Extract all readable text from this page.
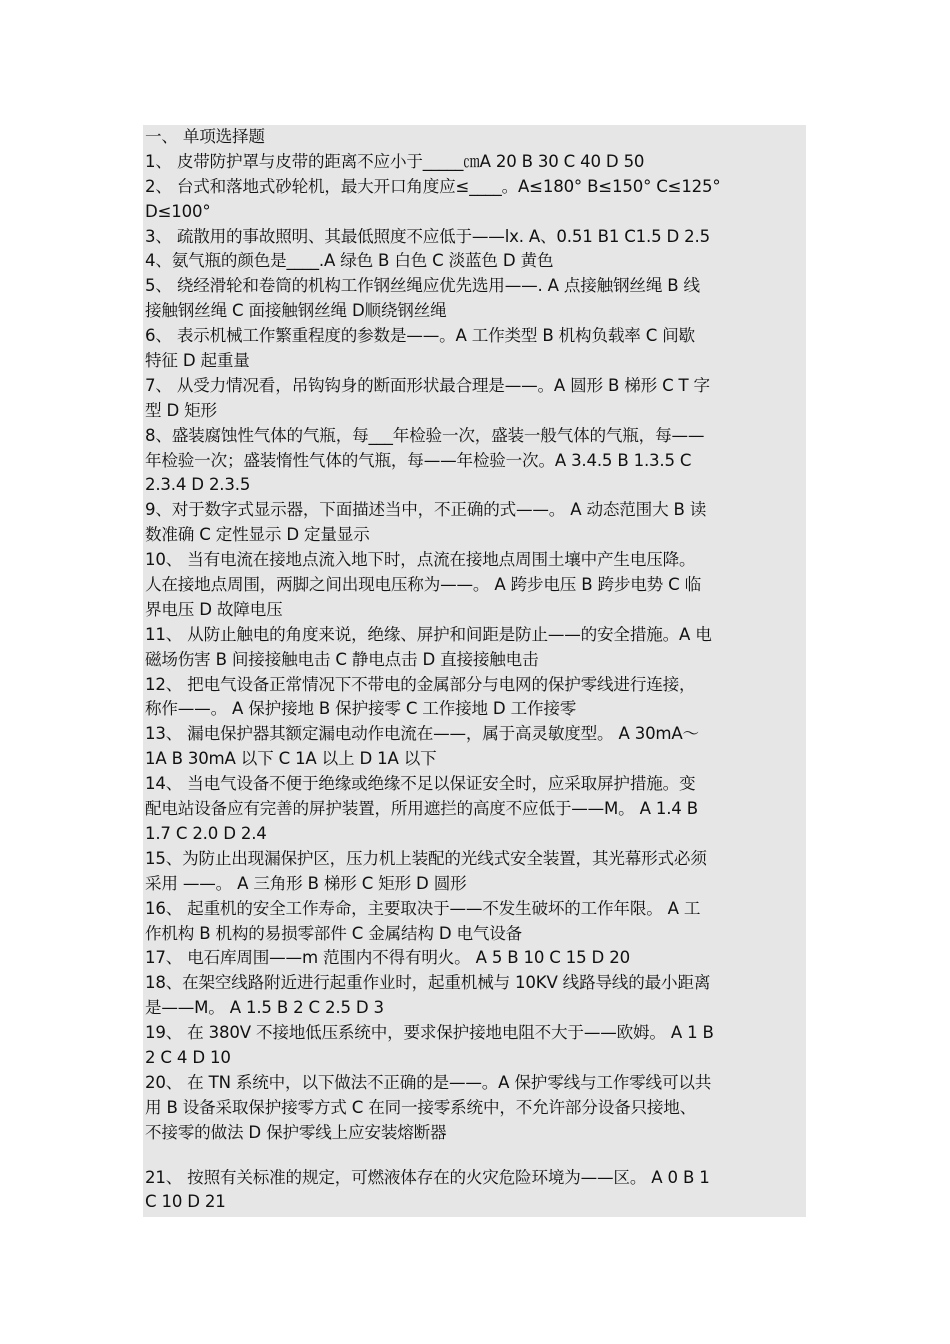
一、 单项选择题
1、 皮带防护罩与皮带的距离不应小于_____㎝A 20 B 30 C 40 D 50
2、 台式和落地式砂轮机，最大开口角度应≤____。A≤180° B≤150° C≤125°
D≤100°
3、 疏散用的事故照明、其最低照度不应低于——lx. A、0.51 B1 C1.5 D 2.5
4、氨气瓶的颜色是____.A 绿色 B 白色 C 淡蓝色 D 黄色
5、 绕经滑轮和卷筒的机构工作钢丝绳应优先选用——. A 点接触钢丝绳 B 线
接触钢丝绳 C 面接触钢丝绳 D顺绕钢丝绳
6、 表示机械工作繁重程度的参数是——。A 工作类型 B 机构负载率 C 间歇
特征 D 起重量
7、 从受力情况看，吊钩钩身的断面形状最合理是——。A 圆形 B 梯形 C T 字
型 D 矩形
8、盛装腐蚀性气体的气瓶，每___年检验一次，盛装一般气体的气瓶，每——
年检验一次；盛装惰性气体的气瓶，每——年检验一次。A 3.4.5 B 1.3.5 C
2.3.4 D 2.3.5
9、对于数字式显示器，下面描述当中，不正确的式——。 A 动态范围大 B 读
数准确 C 定性显示 D 定量显示
10、 当有电流在接地点流入地下时，点流在接地点周围土壤中产生电压降。
人在接地点周围，两脚之间出现电压称为——。 A 跨步电压 B 跨步电势 C 临
界电压 D 故障电压
11、 从防止触电的角度来说，绝缘、屏护和间距是防止——的安全措施。A 电
磁场伤害 B 间接接触电击 C 静电点击 D 直接接触电击
12、 把电气设备正常情况下不带电的金属部分与电网的保护零线进行连接，
称作——。 A 保护接地 B 保护接零 C 工作接地 D 工作接零
13、 漏电保护器其额定漏电动作电流在——，属于高灵敏度型。 A 30mA～
1A B 30mA 以下 C 1A 以上 D 1A 以下
14、 当电气设备不便于绝缘或绝缘不足以保证安全时，应采取屏护措施。变
配电站设备应有完善的屏护装置，所用遮拦的高度不应低于——M。 A 1.4 B
1.7 C 2.0 D 2.4
15、为防止出现漏保护区，压力机上装配的光线式安全装置，其光幕形式必须
采用 ——。 A 三角形 B 梯形 C 矩形 D 圆形
16、 起重机的安全工作寿命，主要取决于——不发生破坏的工作年限。 A 工
作机构 B 机构的易损零部件 C 金属结构 D 电气设备
17、 电石库周围——m 范围内不得有明火。 A 5 B 10 C 15 D 20
18、在架空线路附近进行起重作业时，起重机械与 10KV 线路导线的最小距离
是——M。 A 1.5 B 2 C 2.5 D 3
19、 在 380V 不接地低压系统中，要求保护接地电阻不大于——欧姆。 A 1 B
2 C 4 D 10
20、 在 TN 系统中，以下做法不正确的是——。A 保护零线与工作零线可以共
用 B 设备采取保护接零方式 C 在同一接零系统中，不允许部分设备只接地、
不接零的做法 D 保护零线上应安装熔断器
21、 按照有关标准的规定，可燃液体存在的火灾危险环境为——区。 A 0 B 1
C 10 D 21
